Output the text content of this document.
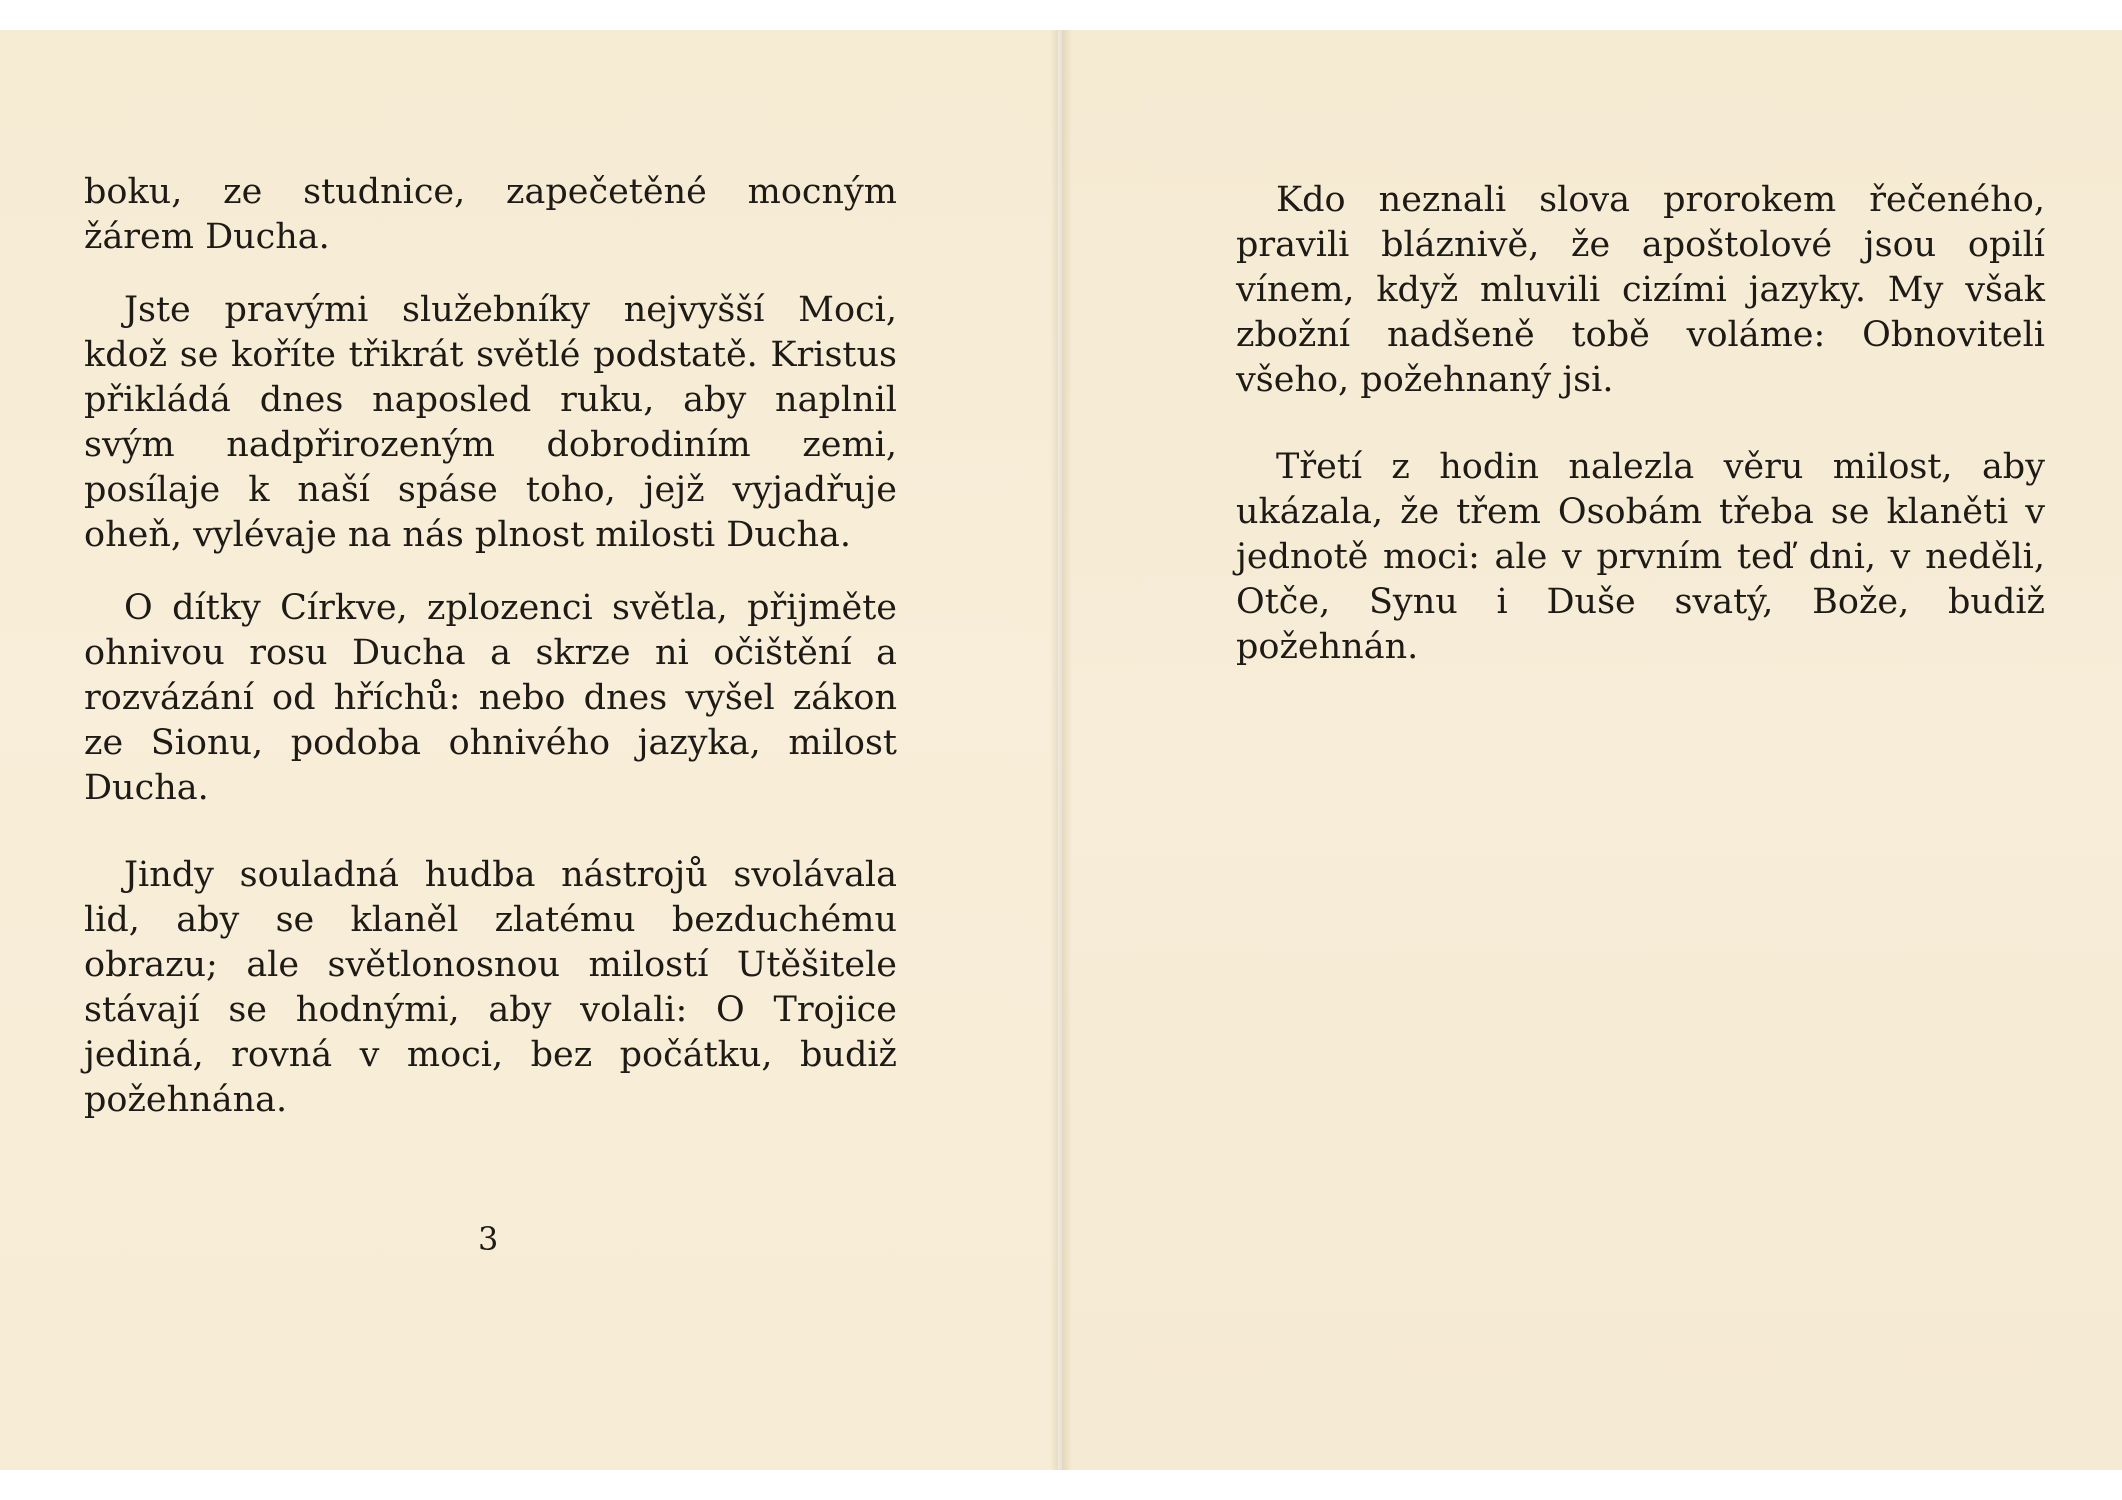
boku, ze studnice, zapečetěné mocným žárem Ducha.

Jste pravými služebníky nejvyšší Moci, kdož se koříte třikrát světlé podstatě. Kristus přikládá dnes naposled ruku, aby naplnil svým nadpřirozeným dobrodiním zemi, posílaje k naší spáse toho, jejž vyjadřuje oheň, vylévaje na nás plnost milosti Ducha.

O dítky Církve, zplozenci světla, přijměte ohnivou rosu Ducha a skrze ni očištění a rozvázání od hříchů: nebo dnes vyšel zákon ze Sionu, podoba ohnivého jazyka, milost Ducha.

Jindy souladná hudba nástrojů svolávala lid, aby se klaněl zlatému bezduchému obrazu; ale světlonosnou milostí Utěšitele stávají se hodnými, aby volali: O Trojice jediná, rovná v moci, bez počátku, budiž požehnána.

3

Kdo neznali slova prorokem řečeného, pravili bláznivě, že apoštolové jsou opilí vínem, když mluvili cizími jazyky. My však zbožní nadšeně tobě voláme: Obnoviteli všeho, požehnaný jsi.

Třetí z hodin nalezla věru milost, aby ukázala, že třem Osobám třeba se klaněti v jednotě moci: ale v prvním teď dni, v neděli, Otče, Synu i Duše svatý, Bože, budiž požehnán.
